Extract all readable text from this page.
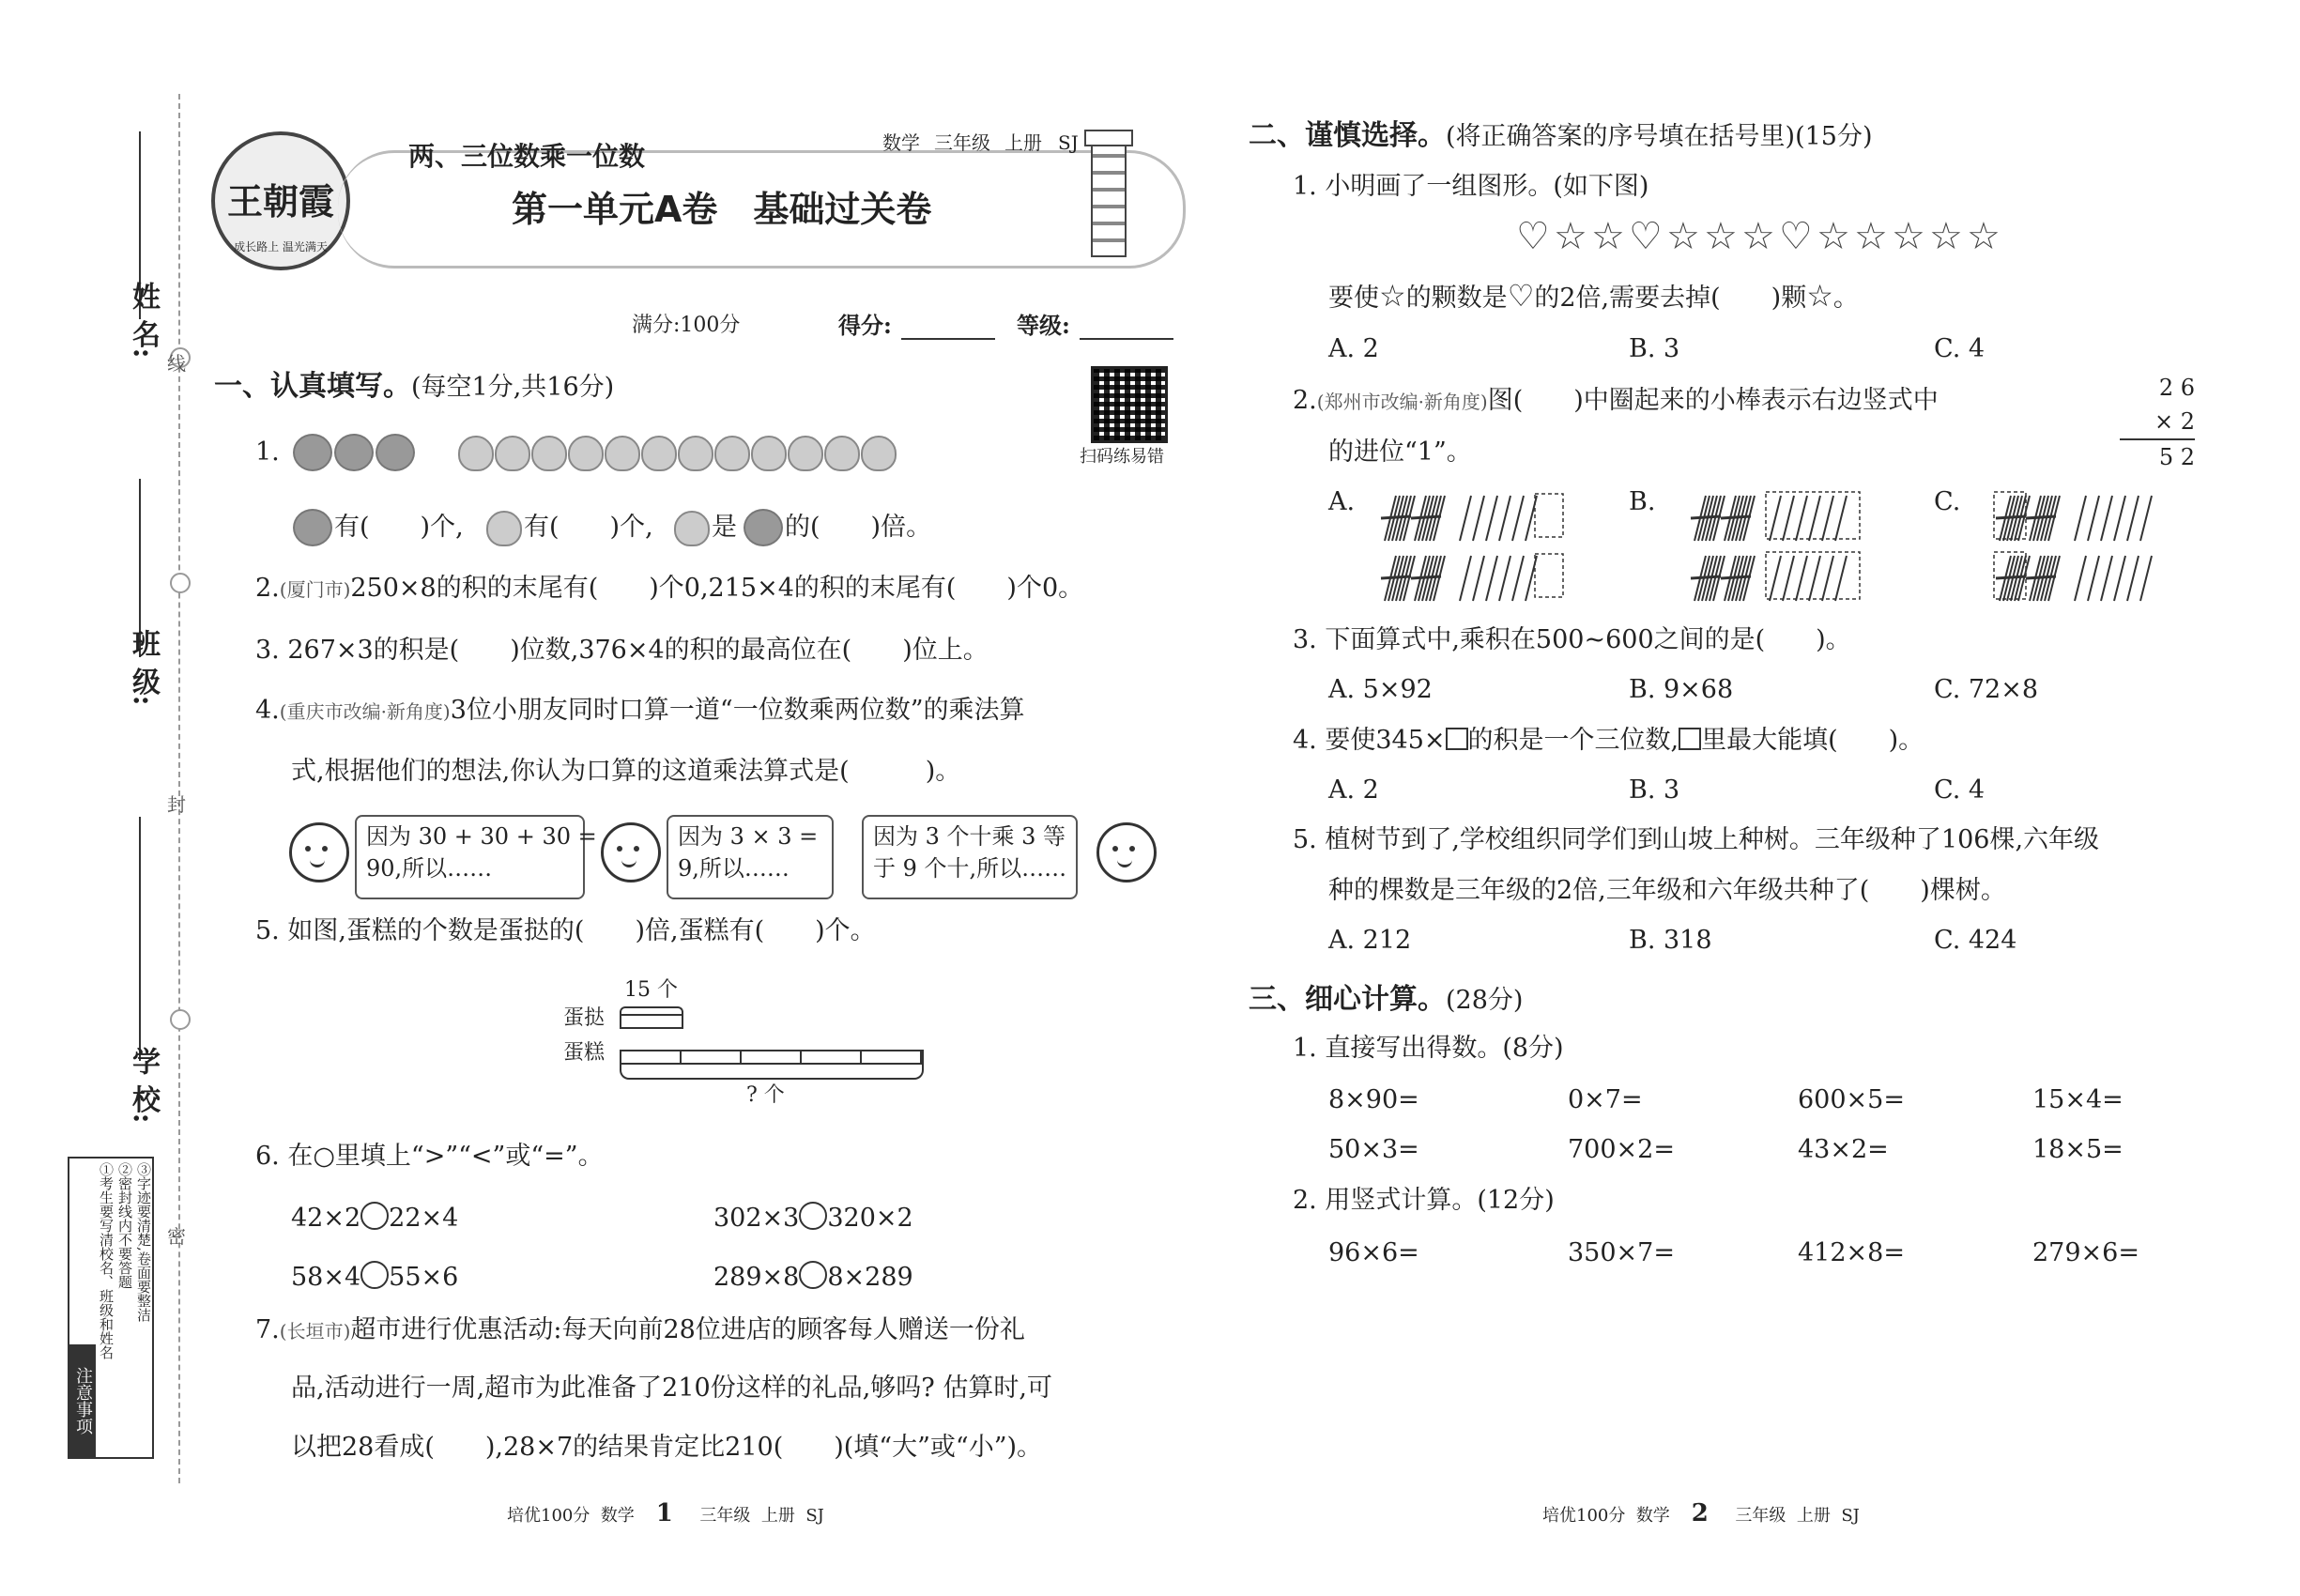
线
封
密
姓 名:
班 级:
学 校:
注意事项
①考生要写清校名、班级和姓名 ②密封线内不要答题 ③字迹要清楚,卷面要整洁
王朝霞
成长路上 温光满天
两、三位数乘一位数	数学 三年级 上册 SJ
第一单元A卷　基础过关卷
满分:100分	得分:	等级:
扫码练易错
一、认真填写。(每空1分,共16分)
1.
有(　　)个, 有(　　)个, 是 的(　　)倍。
2.(厦门市)250×8的积的末尾有(　　)个0,215×4的积的末尾有(　　)个0。
3. 267×3的积是(　　)位数,376×4的积的最高位在(　　)位上。
4.(重庆市改编·新角度)3位小朋友同时口算一道“一位数乘两位数”的乘法算
式,根据他们的想法,你认为口算的这道乘法算式是(　　　)。
因为 30 + 30 + 30 =
90,所以……
因为 3 × 3 =
9,所以……
因为 3 个十乘 3 等
于 9 个十,所以……
5. 如图,蛋糕的个数是蛋挞的(　　)倍,蛋糕有(　　)个。
15 个
蛋挞
蛋糕
? 个
6. 在○里填上“>”“<”或“=”。
42×2 22×4	302×3 320×2
58×4 55×6	289×8 8×289
7.(长垣市)超市进行优惠活动:每天向前28位进店的顾客每人赠送一份礼
品,活动进行一周,超市为此准备了210份这样的礼品,够吗? 估算时,可
以把28看成(　　),28×7的结果肯定比210(　　)(填“大”或“小”)。
二、谨慎选择。(将正确答案的序号填在括号里)(15分)
1. 小明画了一组图形。(如下图)
♡ ☆ ☆ ♡ ☆ ☆ ☆ ♡ ☆ ☆ ☆ ☆ ☆
要使☆的颗数是♡的2倍,需要去掉(　　)颗☆。
A. 2	B. 3	C. 4
2.(郑州市改编·新角度)图(　　)中圈起来的小棒表示右边竖式中
的进位“1”。
2 6
× 2
5 2
A.	B.	C.
3. 下面算式中,乘积在500~600之间的是(　　)。
A. 5×92	B. 9×68	C. 72×8
4. 要使345× 的积是一个三位数, 里最大能填(　　)。
A. 2	B. 3	C. 4
5. 植树节到了,学校组织同学们到山坡上种树。三年级种了106棵,六年级
种的棵数是三年级的2倍,三年级和六年级共种了(　　)棵树。
A. 212	B. 318	C. 424
三、细心计算。(28分)
1. 直接写出得数。(8分)
8×90=	0×7=	600×5=	15×4=
50×3=	700×2=	43×2=	18×5=
2. 用竖式计算。(12分)
96×6=	350×7=	412×8=	279×6=
培优100分 数学 1 三年级 上册 SJ	培优100分 数学 2 三年级 上册 SJ
